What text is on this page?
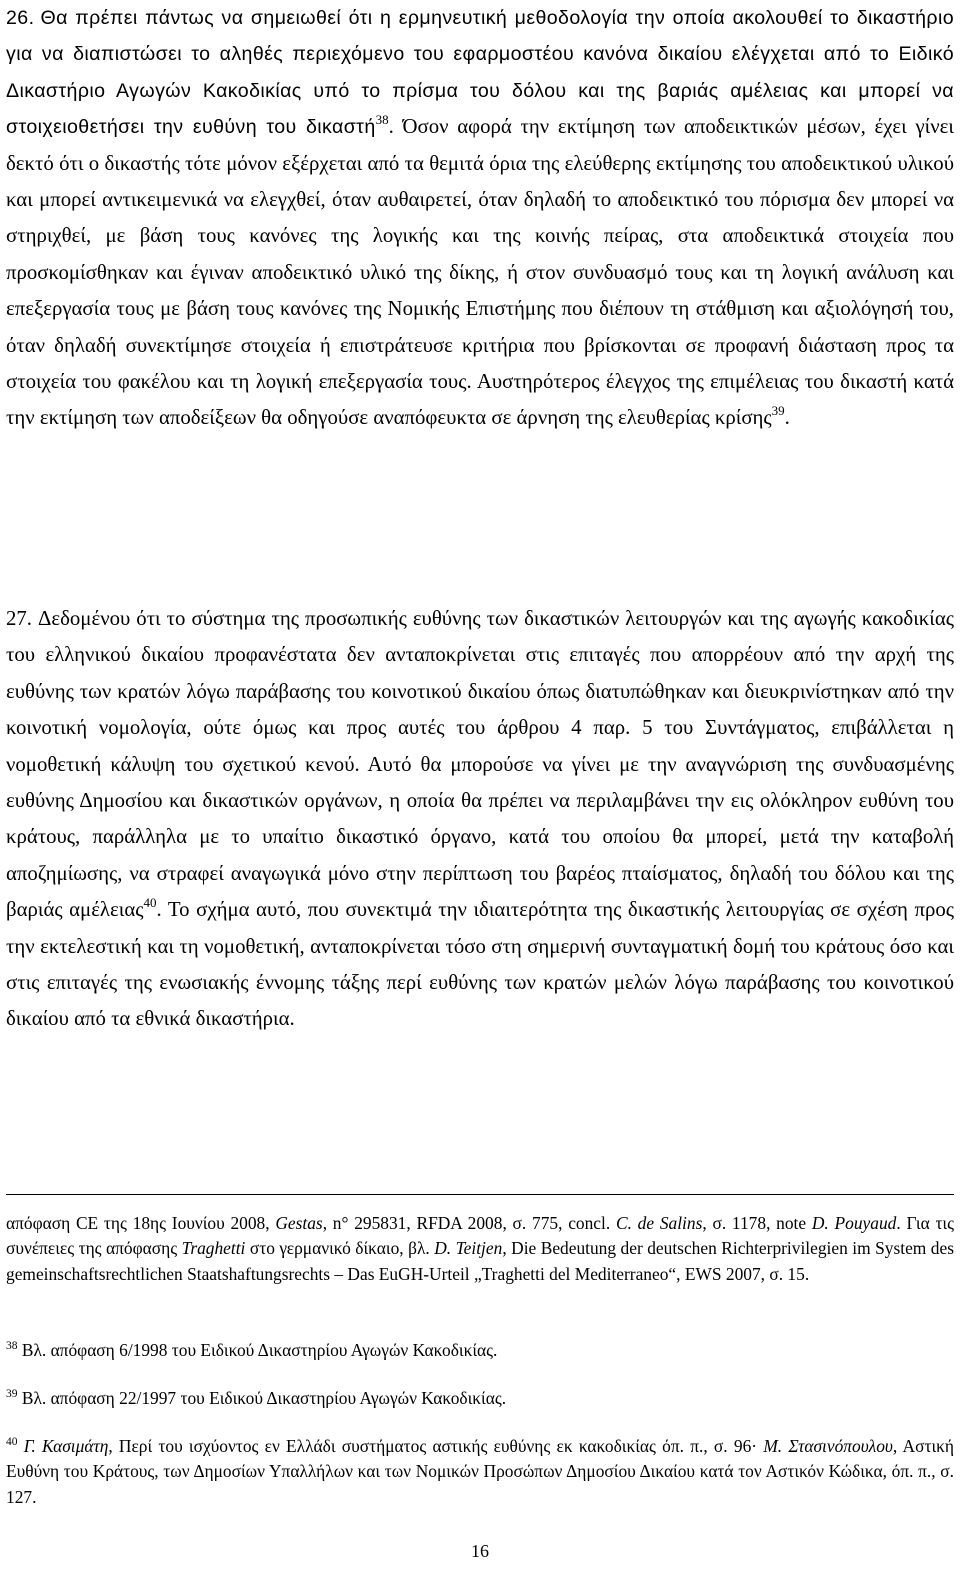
26. Θα πρέπει πάντως να σημειωθεί ότι η ερμηνευτική μεθοδολογία την οποία ακολουθεί το δικαστήριο για να διαπιστώσει το αληθές περιεχόμενο του εφαρμοστέου κανόνα δικαίου ελέγχεται από το Ειδικό Δικαστήριο Αγωγών Κακοδικίας υπό το πρίσμα του δόλου και της βαριάς αμέλειας και μπορεί να στοιχειοθετήσει την ευθύνη του δικαστή$^{38}$. Όσον αφορά την εκτίμηση των αποδεικτικών μέσων, έχει γίνει δεκτό ότι ο δικαστής τότε μόνον εξέρχεται από τα θεμιτά όρια της ελεύθερης εκτίμησης του αποδεικτικού υλικού και μπορεί αντικειμενικά να ελεγχθεί, όταν αυθαιρετεί, όταν δηλαδή το αποδεικτικό του πόρισμα δεν μπορεί να στηριχθεί, με βάση τους κανόνες της λογικής και της κοινής πείρας, στα αποδεικτικά στοιχεία που προσκομίσθηκαν και έγιναν αποδεικτικό υλικό της δίκης, ή στον συνδυασμό τους και τη λογική ανάλυση και επεξεργασία τους με βάση τους κανόνες της Νομικής Επιστήμης που διέπουν τη στάθμιση και αξιολόγησή του, όταν δηλαδή συνεκτίμησε στοιχεία ή επιστράτευσε κριτήρια που βρίσκονται σε προφανή διάσταση προς τα στοιχεία του φακέλου και τη λογική επεξεργασία τους. Αυστηρότερος έλεγχος της επιμέλειας του δικαστή κατά την εκτίμηση των αποδείξεων θα οδηγούσε αναπόφευκτα σε άρνηση της ελευθερίας κρίσης$^{39}$.

27. Δεδομένου ότι το σύστημα της προσωπικής ευθύνης των δικαστικών λειτουργών και της αγωγής κακοδικίας του ελληνικού δικαίου προφανέστατα δεν ανταποκρίνεται στις επιταγές που απορρέουν από την αρχή της ευθύνης των κρατών λόγω παράβασης του κοινοτικού δικαίου όπως διατυπώθηκαν και διευκρινίστηκαν από την κοινοτική νομολογία, ούτε όμως και προς αυτές του άρθρου 4 παρ. 5 του Συντάγματος, επιβάλλεται η νομοθετική κάλυψη του σχετικού κενού. Αυτό θα μπορούσε να γίνει με την αναγνώριση της συνδυασμένης ευθύνης Δημοσίου και δικαστικών οργάνων, η οποία θα πρέπει να περιλαμβάνει την εις ολόκληρον ευθύνη του κράτους, παράλληλα με το υπαίτιο δικαστικό όργανο, κατά του οποίου θα μπορεί, μετά την καταβολή αποζημίωσης, να στραφεί αναγωγικά μόνο στην περίπτωση του βαρέος πταίσματος, δηλαδή του δόλου και της βαριάς αμέλειας$^{40}$. Το σχήμα αυτό, που συνεκτιμά την ιδιαιτερότητα της δικαστικής λειτουργίας σε σχέση προς την εκτελεστική και τη νομοθετική, ανταποκρίνεται τόσο στη σημερινή συνταγματική δομή του κράτους όσο και στις επιταγές της ενωσιακής έννομης τάξης περί ευθύνης των κρατών μελών λόγω παράβασης του κοινοτικού δικαίου από τα εθνικά δικαστήρια.

απόφαση CE της 18ης Ιουνίου 2008, Gestas, n° 295831, RFDA 2008, σ. 775, concl. C. de Salins, σ. 1178, note D. Pouyaud. Για τις συνέπειες της απόφασης Traghetti στο γερμανικό δίκαιο, βλ. D. Teitjen, Die Bedeutung der deutschen Richterprivilegien im System des gemeinschaftsrechtlichen Staatshaftungsrechts – Das EuGH-Urteil „Traghetti del Mediterraneo“, EWS 2007, σ. 15.

$^{38}$ Βλ. απόφαση 6/1998 του Ειδικού Δικαστηρίου Αγωγών Κακοδικίας.

$^{39}$ Βλ. απόφαση 22/1997 του Ειδικού Δικαστηρίου Αγωγών Κακοδικίας.

$^{40}$ Γ. Κασιμάτη, Περί του ισχύοντος εν Ελλάδι συστήματος αστικής ευθύνης εκ κακοδικίας όπ. π., σ. 96· Μ. Στασινόπουλου, Αστική Ευθύνη του Κράτους, των Δημοσίων Υπαλλήλων και των Νομικών Προσώπων Δημοσίου Δικαίου κατά τον Αστικόν Κώδικα, όπ. π., σ. 127.

16
